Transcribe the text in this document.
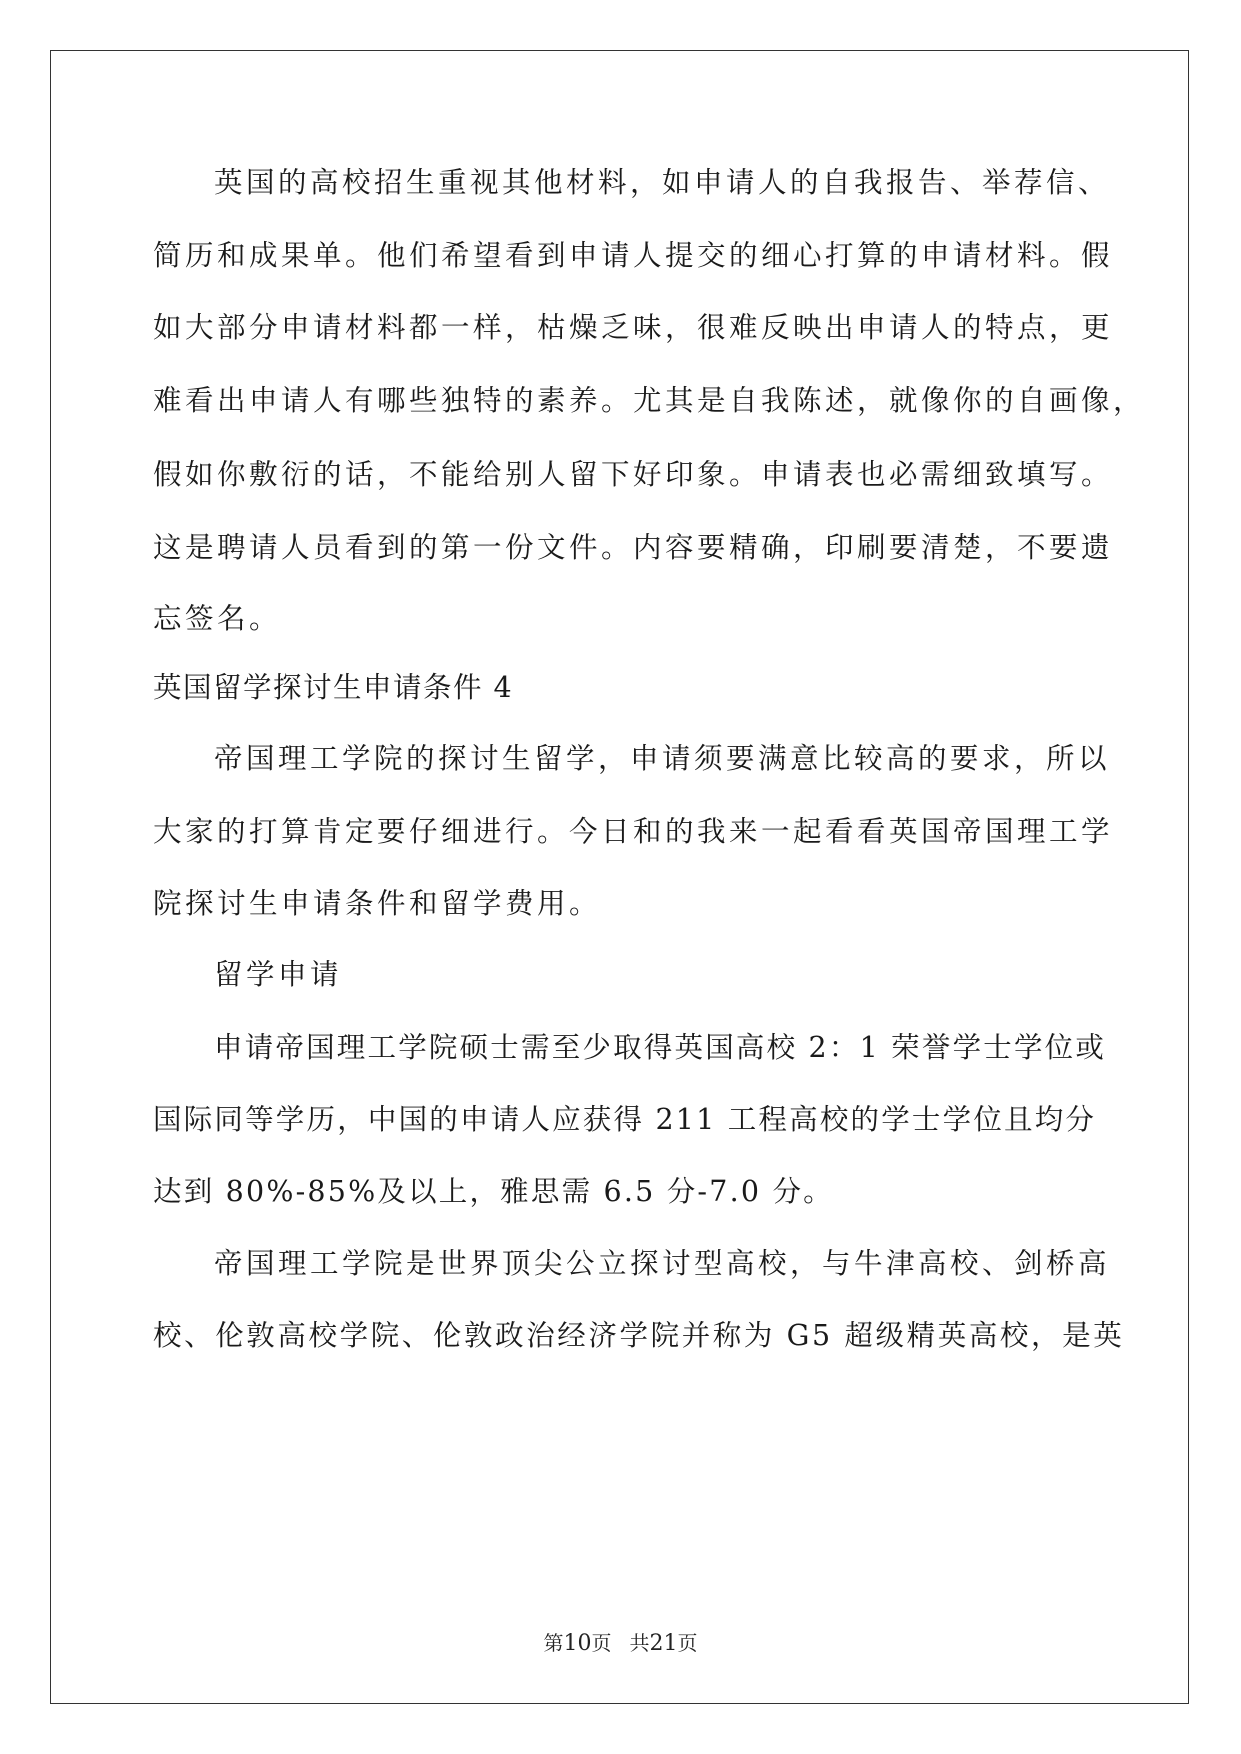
英国的高校招生重视其他材料，如申请人的自我报告、举荐信、

简历和成果单。他们希望看到申请人提交的细心打算的申请材料。假

如大部分申请材料都一样，枯燥乏味，很难反映出申请人的特点，更

难看出申请人有哪些独特的素养。尤其是自我陈述，就像你的自画像，

假如你敷衍的话，不能给别人留下好印象。申请表也必需细致填写。

这是聘请人员看到的第一份文件。内容要精确，印刷要清楚，不要遗

忘签名。

英国留学探讨生申请条件 4

帝国理工学院的探讨生留学，申请须要满意比较高的要求，所以

大家的打算肯定要仔细进行。今日和的我来一起看看英国帝国理工学

院探讨生申请条件和留学费用。

留学申请

申请帝国理工学院硕士需至少取得英国高校 2：1 荣誉学士学位或

国际同等学历，中国的申请人应获得 211 工程高校的学士学位且均分

达到 80%-85%及以上，雅思需 6.5 分-7.0 分。

帝国理工学院是世界顶尖公立探讨型高校，与牛津高校、剑桥高

校、伦敦高校学院、伦敦政治经济学院并称为 G5 超级精英高校，是英

第10页 共21页
